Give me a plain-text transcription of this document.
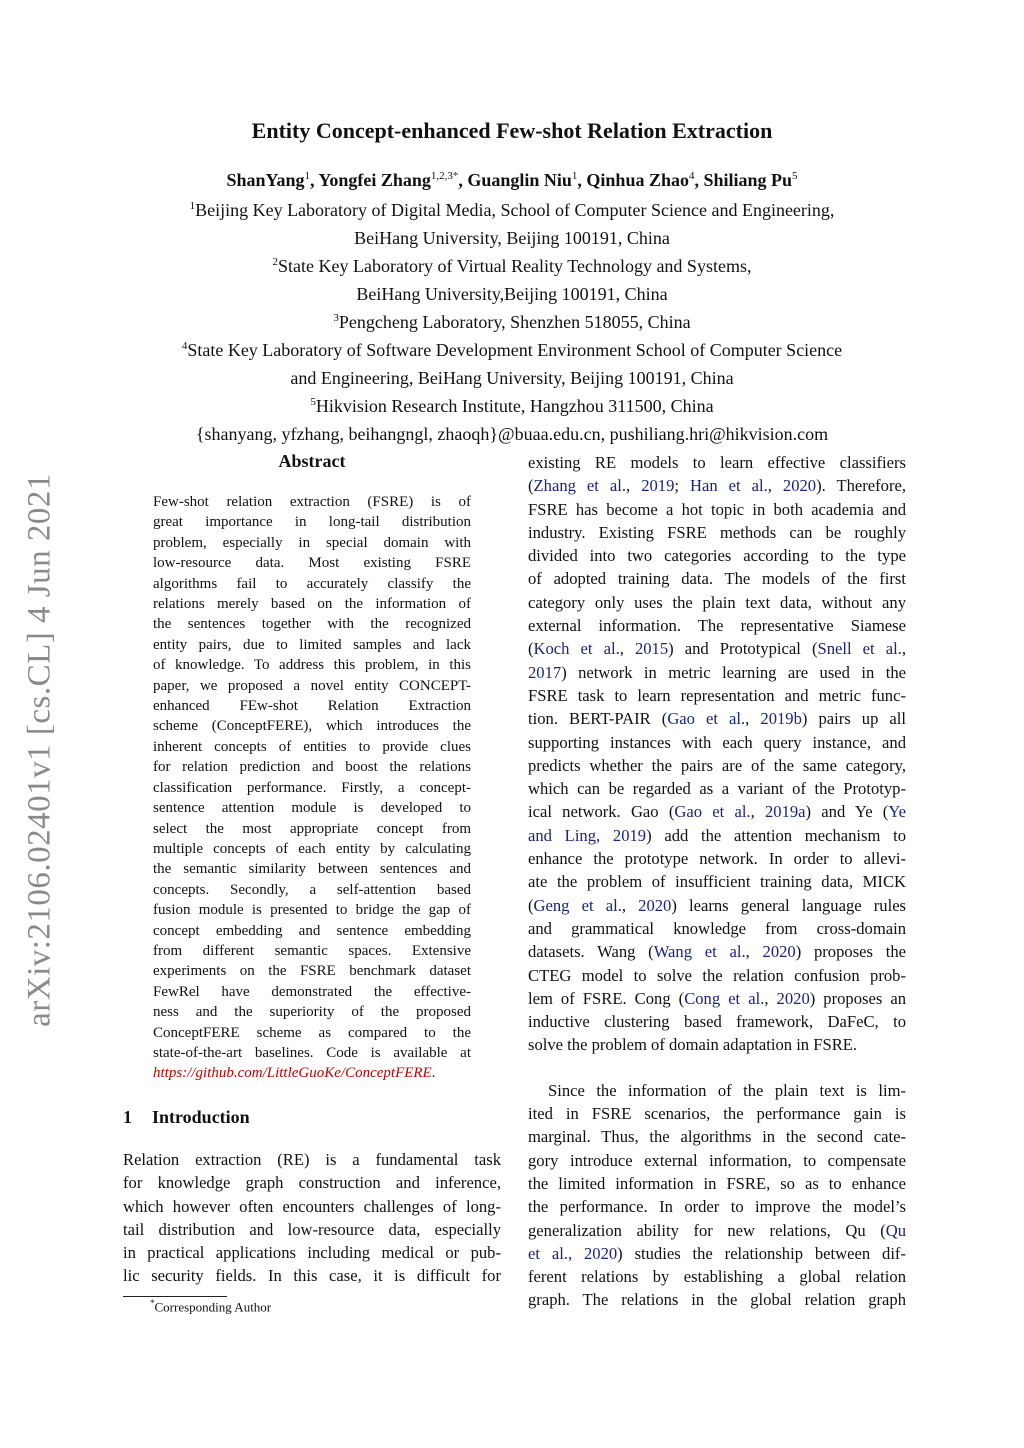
arXiv:2106.02401v1 [cs.CL] 4 Jun 2021
Entity Concept-enhanced Few-shot Relation Extraction
ShanYang$^1$, Yongfei Zhang$^{1,2,3*}$, Guanglin Niu$^1$, Qinhua Zhao$^4$, Shiliang Pu$^5$
$^1$Beijing Key Laboratory of Digital Media, School of Computer Science and Engineering,
BeiHang University, Beijing 100191, China
$^2$State Key Laboratory of Virtual Reality Technology and Systems,
BeiHang University,Beijing 100191, China
$^3$Pengcheng Laboratory, Shenzhen 518055, China
$^4$State Key Laboratory of Software Development Environment School of Computer Science
and Engineering, BeiHang University, Beijing 100191, China
$^5$Hikvision Research Institute, Hangzhou 311500, China
{shanyang, yfzhang, beihangngl, zhaoqh}@buaa.edu.cn, pushiliang.hri@hikvision.com
Abstract
Few-shot relation extraction (FSRE) is of
great importance in long-tail distribution
problem, especially in special domain with
low-resource data. Most existing FSRE
algorithms fail to accurately classify the
relations merely based on the information of
the sentences together with the recognized
entity pairs, due to limited samples and lack
of knowledge. To address this problem, in this
paper, we proposed a novel entity CONCEPT-
enhanced FEw-shot Relation Extraction
scheme (ConceptFERE), which introduces the
inherent concepts of entities to provide clues
for relation prediction and boost the relations
classification performance. Firstly, a concept-
sentence attention module is developed to
select the most appropriate concept from
multiple concepts of each entity by calculating
the semantic similarity between sentences and
concepts. Secondly, a self-attention based
fusion module is presented to bridge the gap of
concept embedding and sentence embedding
from different semantic spaces. Extensive
experiments on the FSRE benchmark dataset
FewRel have demonstrated the effective-
ness and the superiority of the proposed
ConceptFERE scheme as compared to the
state-of-the-art baselines. Code is available at
https://github.com/LittleGuoKe/ConceptFERE.
1 Introduction
Relation extraction (RE) is a fundamental task
for knowledge graph construction and inference,
which however often encounters challenges of long-
tail distribution and low-resource data, especially
in practical applications including medical or pub-
lic security fields. In this case, it is difficult for
existing RE models to learn effective classifiers
(Zhang et al., 2019; Han et al., 2020). Therefore,
FSRE has become a hot topic in both academia and
industry. Existing FSRE methods can be roughly
divided into two categories according to the type
of adopted training data. The models of the first
category only uses the plain text data, without any
external information. The representative Siamese
(Koch et al., 2015) and Prototypical (Snell et al.,
2017) network in metric learning are used in the
FSRE task to learn representation and metric func-
tion. BERT-PAIR (Gao et al., 2019b) pairs up all
supporting instances with each query instance, and
predicts whether the pairs are of the same category,
which can be regarded as a variant of the Prototyp-
ical network. Gao (Gao et al., 2019a) and Ye (Ye
and Ling, 2019) add the attention mechanism to
enhance the prototype network. In order to allevi-
ate the problem of insufficient training data, MICK
(Geng et al., 2020) learns general language rules
and grammatical knowledge from cross-domain
datasets. Wang (Wang et al., 2020) proposes the
CTEG model to solve the relation confusion prob-
lem of FSRE. Cong (Cong et al., 2020) proposes an
inductive clustering based framework, DaFeC, to
solve the problem of domain adaptation in FSRE.
Since the information of the plain text is lim-
ited in FSRE scenarios, the performance gain is
marginal. Thus, the algorithms in the second cate-
gory introduce external information, to compensate
the limited information in FSRE, so as to enhance
the performance. In order to improve the model’s
generalization ability for new relations, Qu (Qu
et al., 2020) studies the relationship between dif-
ferent relations by establishing a global relation
graph. The relations in the global relation graph
*Corresponding Author
